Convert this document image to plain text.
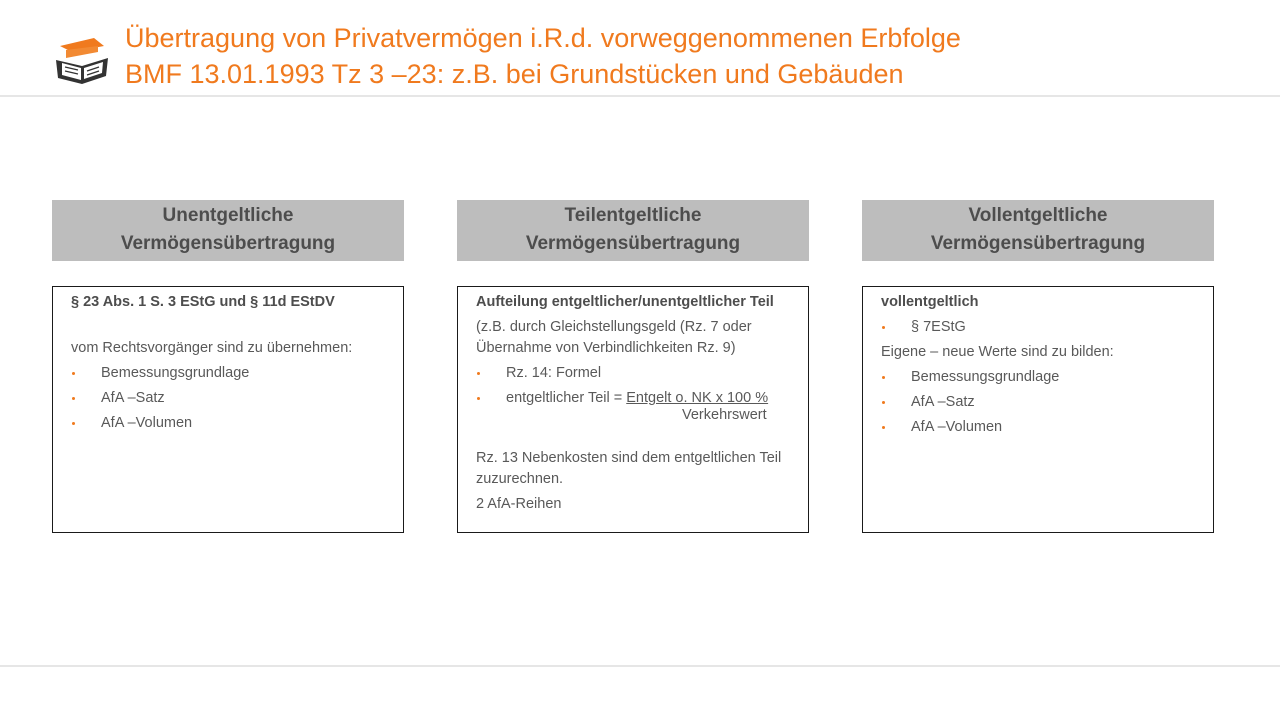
Übertragung von Privatvermögen i.R.d. vorweggenommenen Erbfolge
BMF 13.01.1993 Tz 3 –23: z.B. bei Grundstücken und Gebäuden
Unentgeltliche
Vermögensübertragung
§ 23 Abs. 1 S. 3 EStG und § 11d EStDV
vom Rechtsvorgänger sind zu übernehmen:
Bemessungsgrundlage
AfA –Satz
AfA –Volumen
Teilentgeltliche
Vermögensübertragung
Aufteilung entgeltlicher/unentgeltlicher Teil
(z.B. durch Gleichstellungsgeld (Rz. 7 oder Übernahme von Verbindlichkeiten Rz. 9)
Rz. 14: Formel
entgeltlicher Teil = Entgelt o. NK x 100 %
Verkehrswert
Rz. 13 Nebenkosten sind dem entgeltlichen Teil zuzurechnen.
2 AfA-Reihen
Vollentgeltliche
Vermögensübertragung
vollentgeltlich
§ 7EStG
Eigene – neue Werte sind zu bilden:
Bemessungsgrundlage
AfA –Satz
AfA –Volumen
